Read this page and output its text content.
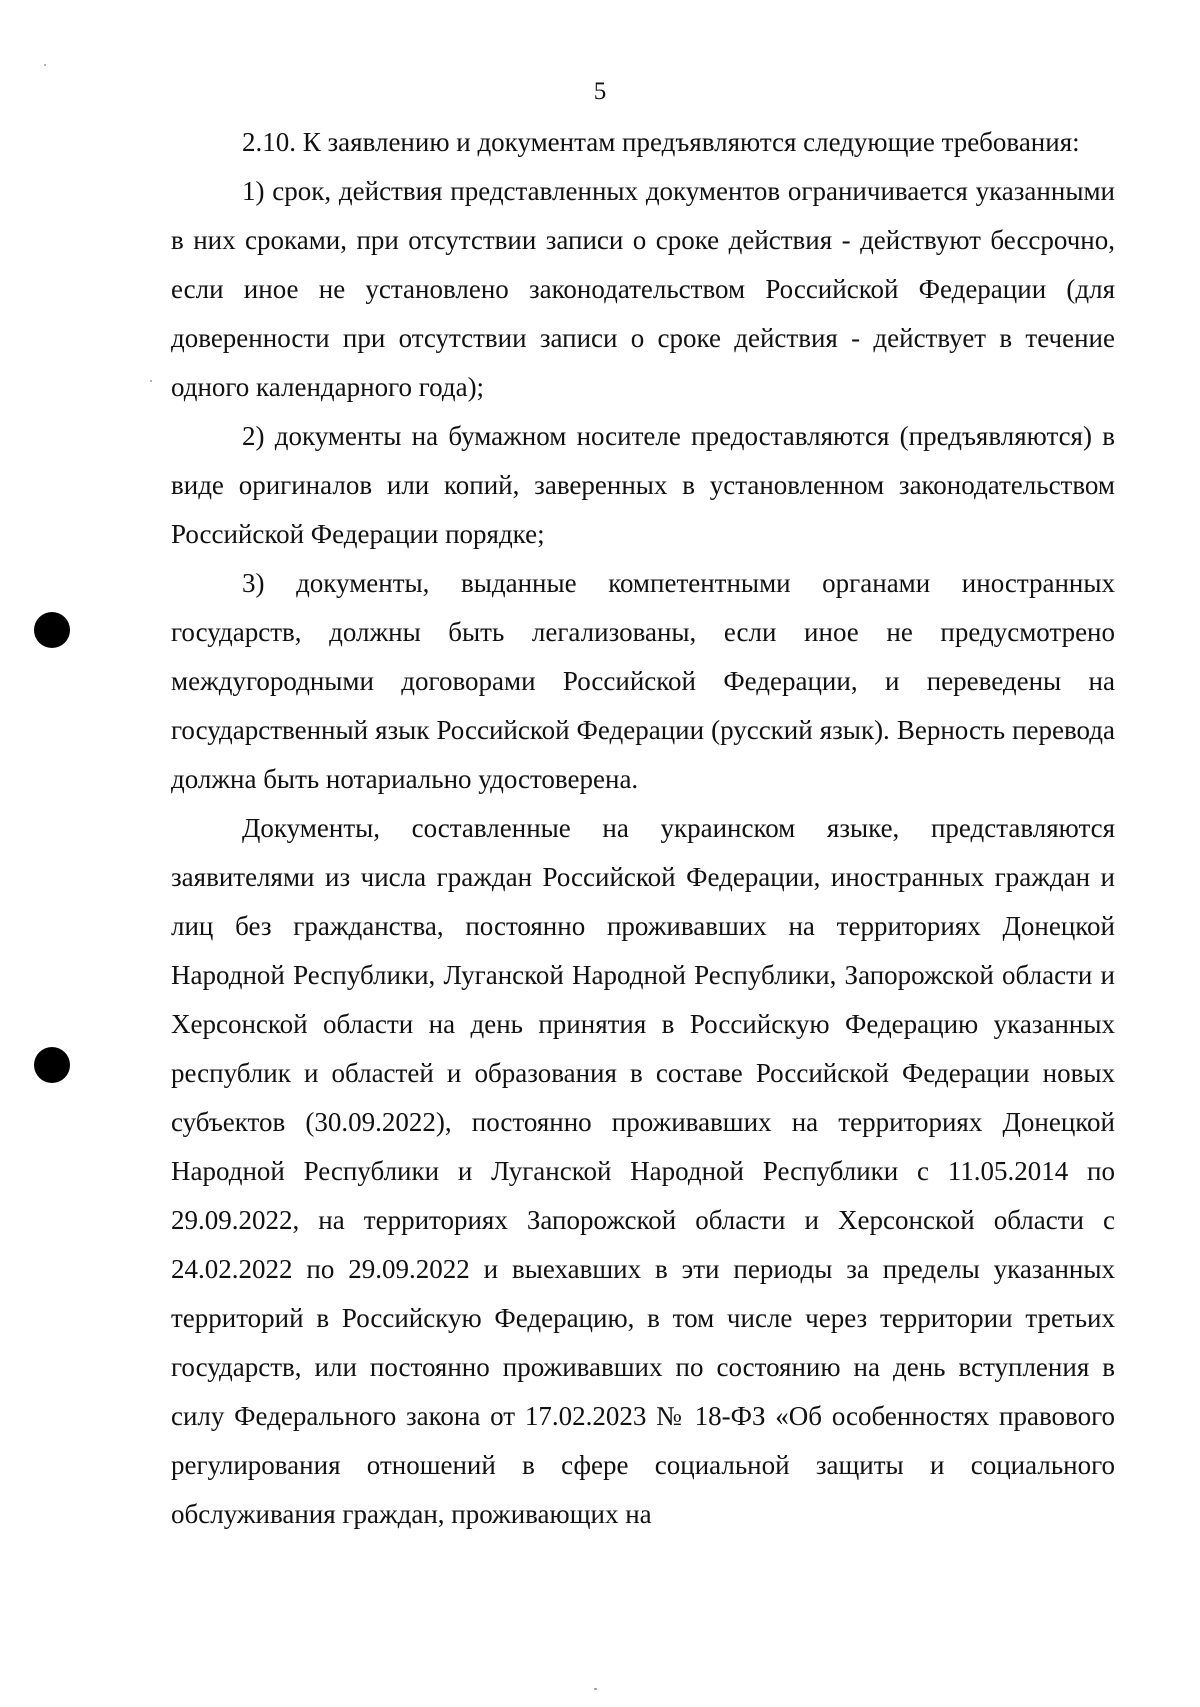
5

2.10. К заявлению и документам предъявляются следующие требования:

1) срок, действия представленных документов ограничивается указанными в них сроками, при отсутствии записи о сроке действия - действуют бессрочно, если иное не установлено законодательством Российской Федерации (для доверенности при отсутствии записи о сроке действия - действует в течение одного календарного года);

2) документы на бумажном носителе предоставляются (предъявляются) в виде оригиналов или копий, заверенных в установленном законодательством Российской Федерации порядке;

3) документы, выданные компетентными органами иностранных государств, должны быть легализованы, если иное не предусмотрено междугородными договорами Российской Федерации, и переведены на государственный язык Российской Федерации (русский язык). Верность перевода должна быть нотариально удостоверена.

Документы, составленные на украинском языке, представляются заявителями из числа граждан Российской Федерации, иностранных граждан и лиц без гражданства, постоянно проживавших на территориях Донецкой Народной Республики, Луганской Народной Республики, Запорожской области и Херсонской области на день принятия в Российскую Федерацию указанных республик и областей и образования в составе Российской Федерации новых субъектов (30.09.2022), постоянно проживавших на территориях Донецкой Народной Республики и Луганской Народной Республики с 11.05.2014 по 29.09.2022, на территориях Запорожской области и Херсонской области с 24.02.2022 по 29.09.2022 и выехавших в эти периоды за пределы указанных территорий в Российскую Федерацию, в том числе через территории третьих государств, или постоянно проживавших по состоянию на день вступления в силу Федерального закона от 17.02.2023 № 18-ФЗ «Об особенностях правового регулирования отношений в сфере социальной защиты и социального обслуживания граждан, проживающих на
